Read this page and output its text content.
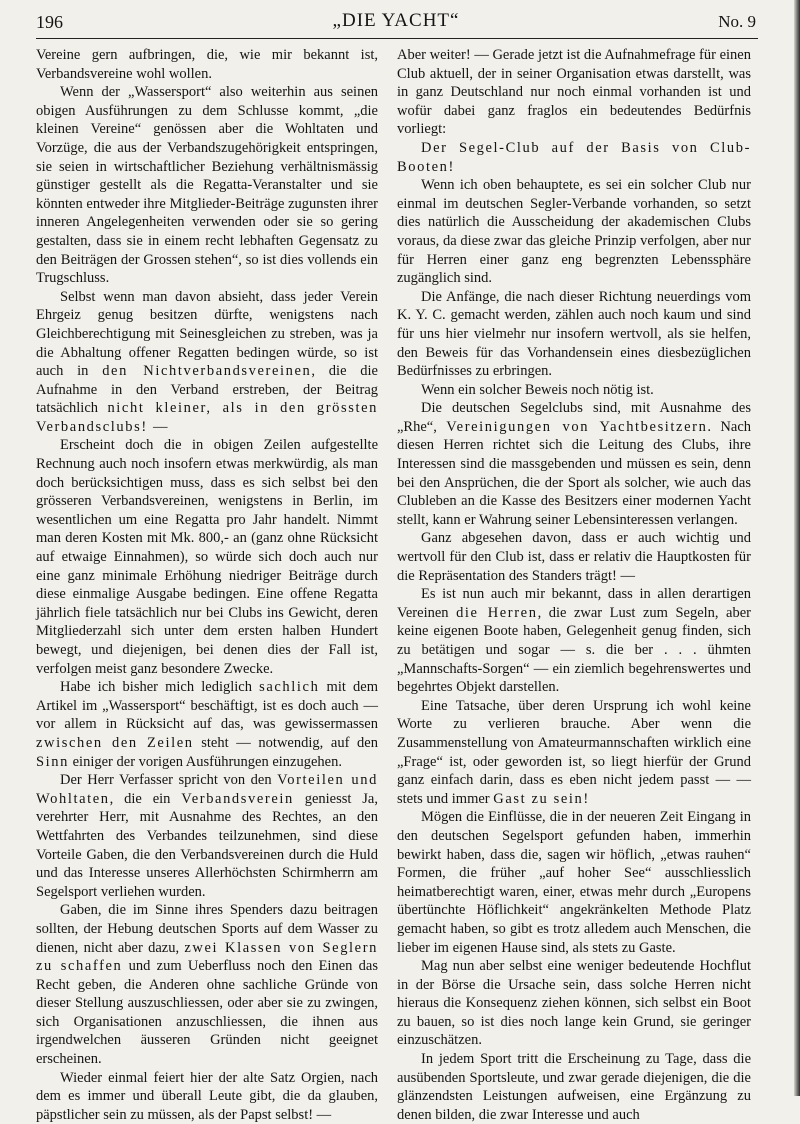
196	„DIE YACHT“	No. 9

Vereine gern aufbringen, die, wie mir bekannt ist, Verbandsvereine wohl wollen.

Wenn der „Wassersport“ also weiterhin aus seinen obigen Ausführungen zu dem Schlusse kommt, „die kleinen Vereine“ genössen aber die Wohltaten und Vorzüge, die aus der Verbandszugehörigkeit entspringen, sie seien in wirtschaftlicher Beziehung verhältnismässig günstiger gestellt als die Regatta-Veranstalter und sie könnten entweder ihre Mitglieder-Beiträge zugunsten ihrer inneren Angelegenheiten verwenden oder sie so gering gestalten, dass sie in einem recht lebhaften Gegensatz zu den Beiträgen der Grossen stehen“, so ist dies vollends ein Trugschluss.

Selbst wenn man davon absieht, dass jeder Verein Ehrgeiz genug besitzen dürfte, wenigstens nach Gleichberechtigung mit Seinesgleichen zu streben, was ja die Abhaltung offener Regatten bedingen würde, so ist auch in den Nichtverbandsvereinen, die die Aufnahme in den Verband erstreben, der Beitrag tatsächlich nicht kleiner, als in den grössten Verbandsclubs! —

Erscheint doch die in obigen Zeilen aufgestellte Rechnung auch noch insofern etwas merkwürdig, als man doch berücksichtigen muss, dass es sich selbst bei den grösseren Verbandsvereinen, wenigstens in Berlin, im wesentlichen um eine Regatta pro Jahr handelt. Nimmt man deren Kosten mit Mk. 800,- an (ganz ohne Rücksicht auf etwaige Einnahmen), so würde sich doch auch nur eine ganz minimale Erhöhung niedriger Beiträge durch diese einmalige Ausgabe bedingen. Eine offene Regatta jährlich fiele tatsächlich nur bei Clubs ins Gewicht, deren Mitgliederzahl sich unter dem ersten halben Hundert bewegt, und diejenigen, bei denen dies der Fall ist, verfolgen meist ganz besondere Zwecke.

Habe ich bisher mich lediglich sachlich mit dem Artikel im „Wassersport“ beschäftigt, ist es doch auch — vor allem in Rücksicht auf das, was gewissermassen zwischen den Zeilen steht — notwendig, auf den Sinn einiger der vorigen Ausführungen einzugehen.

Der Herr Verfasser spricht von den Vorteilen und Wohltaten, die ein Verbandsverein geniesst Ja, verehrter Herr, mit Ausnahme des Rechtes, an den Wettfahrten des Verbandes teilzunehmen, sind diese Vorteile Gaben, die den Verbandsvereinen durch die Huld und das Interesse unseres Allerhöchsten Schirmherrn am Segelsport verliehen wurden.

Gaben, die im Sinne ihres Spenders dazu beitragen sollten, der Hebung deutschen Sports auf dem Wasser zu dienen, nicht aber dazu, zwei Klassen von Seglern zu schaffen und zum Ueberfluss noch den Einen das Recht geben, die Anderen ohne sachliche Gründe von dieser Stellung auszuschliessen, oder aber sie zu zwingen, sich Organisationen anzuschliessen, die ihnen aus irgendwelchen äusseren Gründen nicht geeignet erscheinen.

Wieder einmal feiert hier der alte Satz Orgien, nach dem es immer und überall Leute gibt, die da glauben, päpstlicher sein zu müssen, als der Papst selbst! —

Aber weiter! — Gerade jetzt ist die Aufnahmefrage für einen Club aktuell, der in seiner Organisation etwas darstellt, was in ganz Deutschland nur noch einmal vorhanden ist und wofür dabei ganz fraglos ein bedeutendes Bedürfnis vorliegt:

Der Segel-Club auf der Basis von Club-Booten!

Wenn ich oben behauptete, es sei ein solcher Club nur einmal im deutschen Segler-Verbande vorhanden, so setzt dies natürlich die Ausscheidung der akademischen Clubs voraus, da diese zwar das gleiche Prinzip verfolgen, aber nur für Herren einer ganz eng begrenzten Lebenssphäre zugänglich sind.

Die Anfänge, die nach dieser Richtung neuerdings vom K. Y. C. gemacht werden, zählen auch noch kaum und sind für uns hier vielmehr nur insofern wertvoll, als sie helfen, den Beweis für das Vorhandensein eines diesbezüglichen Bedürfnisses zu erbringen.

Wenn ein solcher Beweis noch nötig ist.

Die deutschen Segelclubs sind, mit Ausnahme des „Rhe“, Vereinigungen von Yachtbesitzern. Nach diesen Herren richtet sich die Leitung des Clubs, ihre Interessen sind die massgebenden und müssen es sein, denn bei den Ansprüchen, die der Sport als solcher, wie auch das Clubleben an die Kasse des Besitzers einer modernen Yacht stellt, kann er Wahrung seiner Lebensinteressen verlangen.

Ganz abgesehen davon, dass er auch wichtig und wertvoll für den Club ist, dass er relativ die Hauptkosten für die Repräsentation des Standers trägt! —

Es ist nun auch mir bekannt, dass in allen derartigen Vereinen die Herren, die zwar Lust zum Segeln, aber keine eigenen Boote haben, Gelegenheit genug finden, sich zu betätigen und sogar — s. die ber . . . ühmten „Mannschafts-Sorgen“ — ein ziemlich begehrenswertes und begehrtes Objekt darstellen.

Eine Tatsache, über deren Ursprung ich wohl keine Worte zu verlieren brauche. Aber wenn die Zusammenstellung von Amateurmannschaften wirklich eine „Frage“ ist, oder geworden ist, so liegt hierfür der Grund ganz einfach darin, dass es eben nicht jedem passt — — stets und immer Gast zu sein!

Mögen die Einflüsse, die in der neueren Zeit Eingang in den deutschen Segelsport gefunden haben, immerhin bewirkt haben, dass die, sagen wir höflich, „etwas rauhen“ Formen, die früher „auf hoher See“ ausschliesslich heimatberechtigt waren, einer, etwas mehr durch „Europens übertünchte Höflichkeit“ angekränkelten Methode Platz gemacht haben, so gibt es trotz alledem auch Menschen, die lieber im eigenen Hause sind, als stets zu Gaste.

Mag nun aber selbst eine weniger bedeutende Hochflut in der Börse die Ursache sein, dass solche Herren nicht hieraus die Konsequenz ziehen können, sich selbst ein Boot zu bauen, so ist dies noch lange kein Grund, sie geringer einzuschätzen.

In jedem Sport tritt die Erscheinung zu Tage, dass die ausübenden Sportsleute, und zwar gerade diejenigen, die die glänzendsten Leistungen aufweisen, eine Ergänzung zu denen bilden, die zwar Interesse und auch
